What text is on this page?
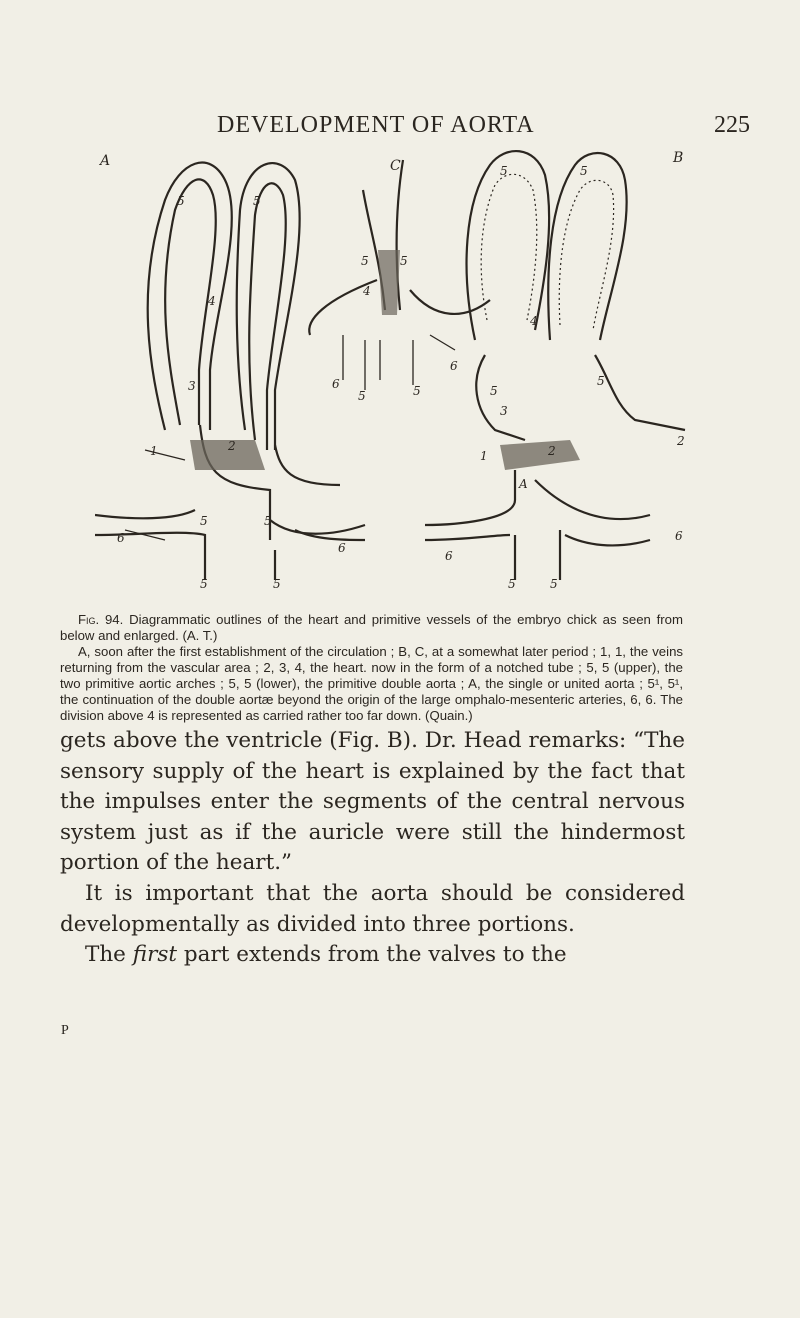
DEVELOPMENT OF AORTA	225
A
5	5
4
3
1	2
6
5	5
6
5	5
C
5	5
4
6
5	5
6
B
5	5
5
3
4
5
1
2
2
A
6
6
5	5

Fig. 94. Diagrammatic outlines of the heart and primitive vessels of the embryo chick as seen from below and enlarged. (A. T.)

A, soon after the first establishment of the circulation ; B, C, at a somewhat later period ; 1, 1, the veins returning from the vascular area ; 2, 3, 4, the heart. now in the form of a notched tube ; 5, 5 (upper), the two primitive aortic arches ; 5, 5 (lower), the primitive double aorta ; A, the single or united aorta ; 5¹, 5¹, the continuation of the double aortæ beyond the origin of the large omphalo-mesenteric arteries, 6, 6. The division above 4 is represented as carried rather too far down. (Quain.)

gets above the ventricle (Fig. B). Dr. Head remarks: “The sensory supply of the heart is explained by the fact that the impulses enter the segments of the central nervous system just as if the auricle were still the hindermost portion of the heart.”

It is important that the aorta should be considered developmentally as divided into three portions.

The first part extends from the valves to the

P
